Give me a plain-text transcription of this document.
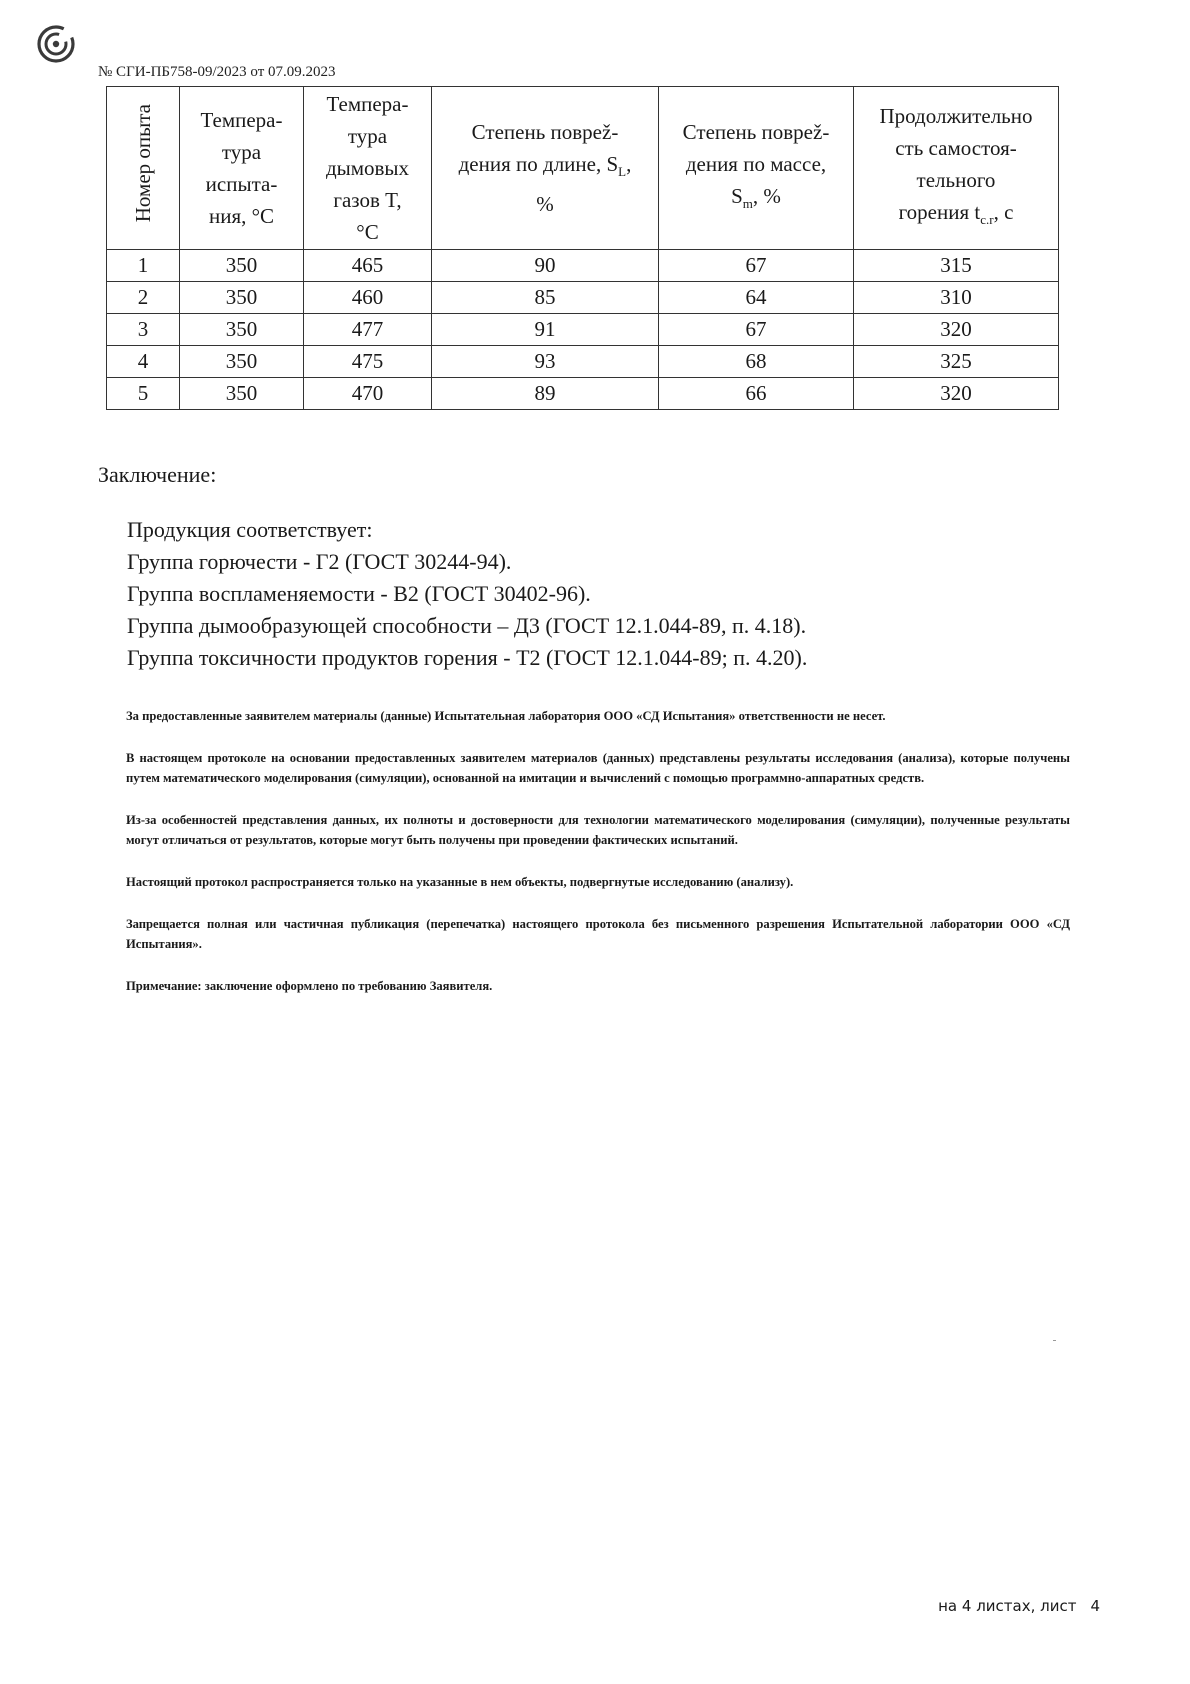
№ СГИ-ПБ758-09/2023 от 07.09.2023
Номер опыта	Темпера-
тура
испыта-
ния, °С	Темпера-
тура
дымовых
газов T,
°С	Степень поврež-
дения по длине, $S_L$,
%	Степень поврež-
дения по массе,
$S_m$, %	Продолжительно
сть самостоя-
тельного
горения $t_{c.r}$, с

1	350	465	90	67	315
2	350	460	85	64	310
3	350	477	91	67	320
4	350	475	93	68	325
5	350	470	89	66	320
Заключение:
Продукция соответствует:
Группа горючести - Г2 (ГОСТ 30244-94).
Группа воспламеняемости - В2 (ГОСТ 30402-96).
Группа дымообразующей способности – Д3 (ГОСТ 12.1.044-89, п. 4.18).
Группа токсичности продуктов горения - Т2 (ГОСТ 12.1.044-89; п. 4.20).

За предоставленные заявителем материалы (данные) Испытательная лаборатория ООО «СД Испытания» ответственности не несет.

В настоящем протоколе на основании предоставленных заявителем материалов (данных) представлены результаты исследования (анализа), которые получены путем математического моделирования (симуляции), основанной на имитации и вычислений с помощью программно-аппаратных средств.

Из-за особенностей представления данных, их полноты и достоверности для технологии математического моделирования (симуляции), полученные результаты могут отличаться от результатов, которые могут быть получены при проведении фактических испытаний.

Настоящий протокол распространяется только на указанные в нем объекты, подвергнутые исследованию (анализу).

Запрещается полная или частичная публикация (перепечатка) настоящего протокола без письменного разрешения Испытательной лаборатории ООО «СД Испытания».

Примечание: заключение оформлено по требованию Заявителя.

на 4 листах, лист 4
